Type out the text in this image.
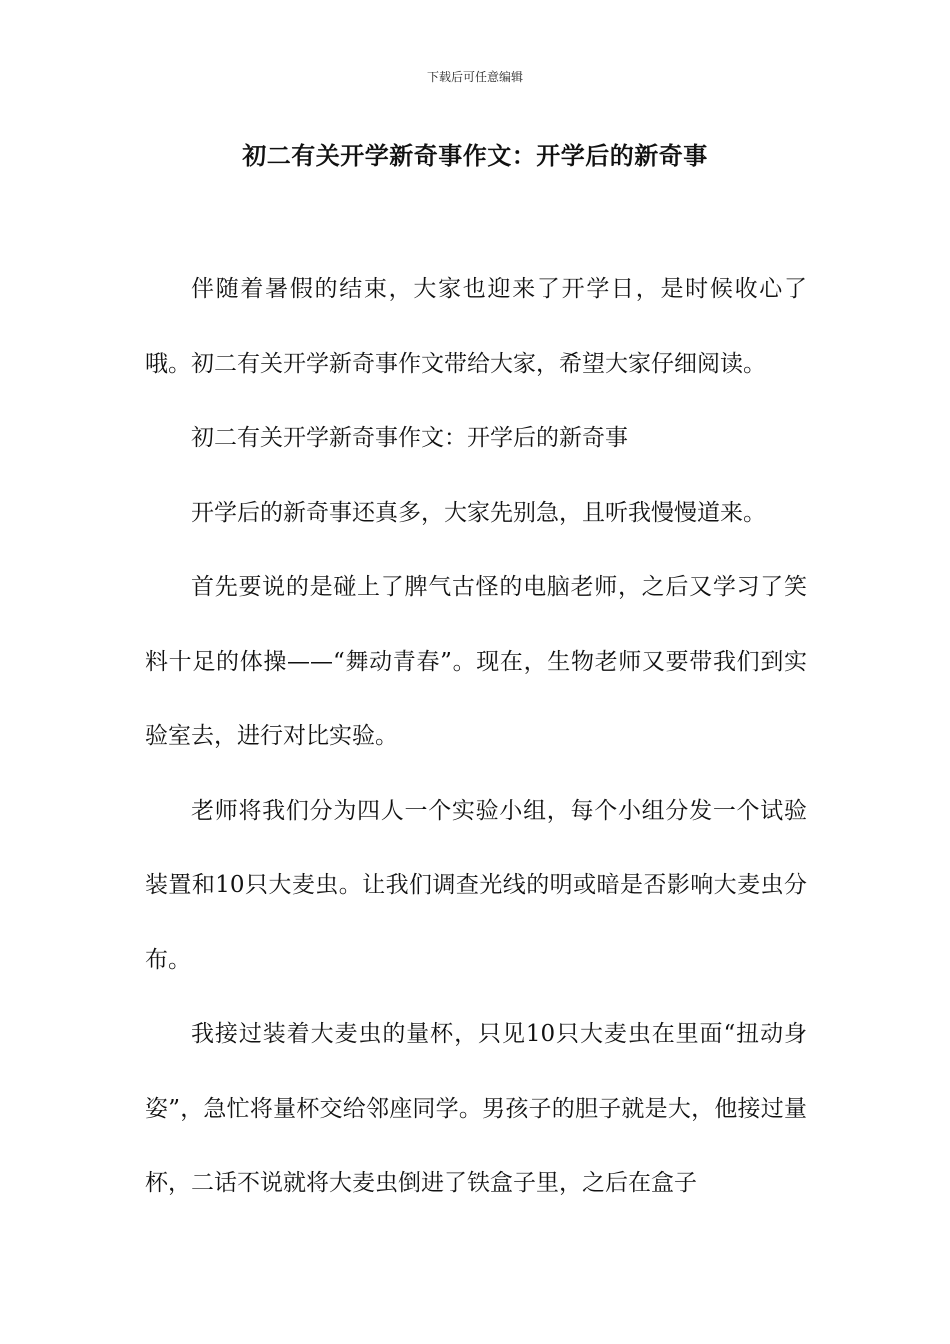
下载后可任意编辑
初二有关开学新奇事作文：开学后的新奇事

伴随着暑假的结束，大家也迎来了开学日，是时候收心了哦。初二有关开学新奇事作文带给大家，希望大家仔细阅读。

初二有关开学新奇事作文：开学后的新奇事

开学后的新奇事还真多，大家先别急，且听我慢慢道来。

首先要说的是碰上了脾气古怪的电脑老师，之后又学习了笑料十足的体操——“舞动青春”。现在，生物老师又要带我们到实验室去，进行对比实验。

老师将我们分为四人一个实验小组，每个小组分发一个试验装置和10只大麦虫。让我们调查光线的明或暗是否影响大麦虫分布。

我接过装着大麦虫的量杯，只见10只大麦虫在里面“扭动身姿”，急忙将量杯交给邻座同学。男孩子的胆子就是大，他接过量杯，二话不说就将大麦虫倒进了铁盒子里，之后在盒子
